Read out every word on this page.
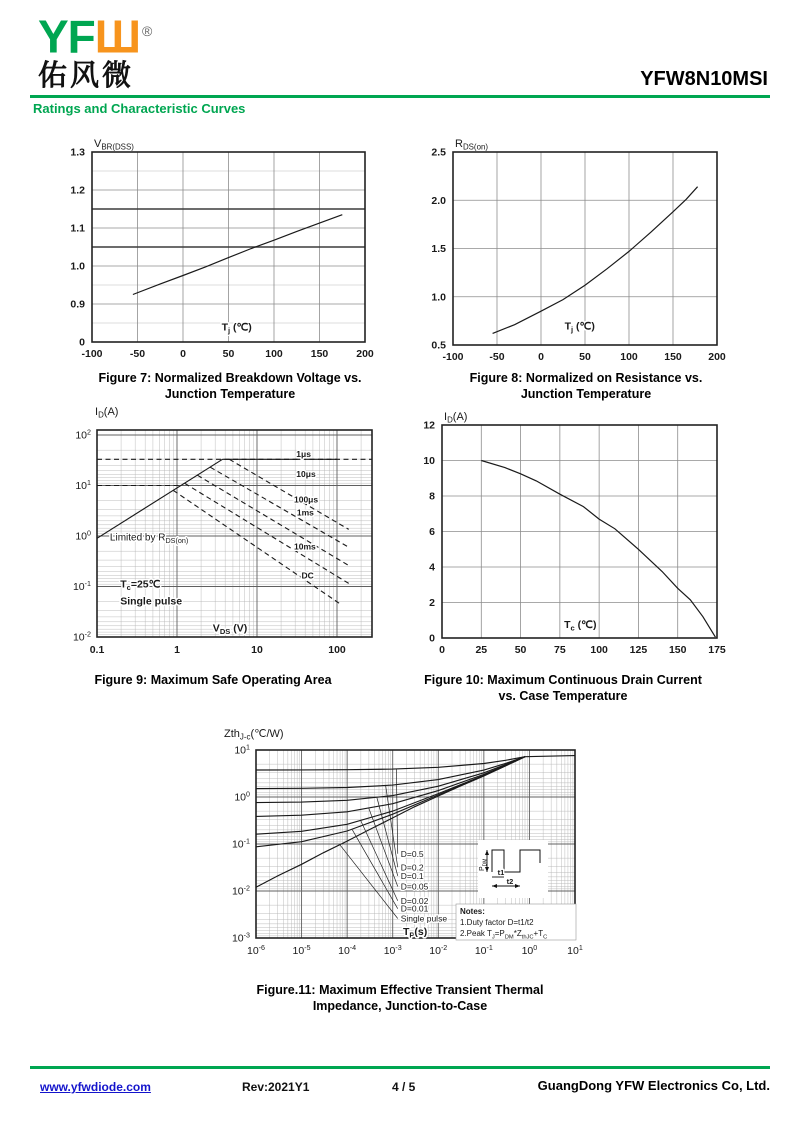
YFШ ®
佑风微	YFW8N10MSI
Ratings and Characteristic Curves
-100	-50	0	50	100	150	200
1.3
1.2
1.1
1.0
0.9
0
$V_{BR(DSS)}$
$T_j$ (℃)
Figure 7: Normalized Breakdown Voltage vs.
Junction Temperature
-100 -50	0	50	100	150	200
2.5
2.0
1.5
1.0
0.5
$R_{DS(on)}$
$T_j$ (℃)
Figure 8: Normalized on Resistance vs.
Junction Temperature
0.1	1	10	100
$10^2$
$10^1$
$10^0$
$10^{-1}$
$10^{-2}$
1μs
10μs
100μs
1ms
10ms
DC
Limited by $R_{DS(on)}$
$T_c=25℃$
Single pulse
$V_{DS}$ (V)
$I_D(A)$
Figure 9: Maximum Safe Operating Area
0	25	50	75 100 125 150 175
12
10
8
6
4
2
0
$I_D(A)$
$T_c$ (℃)
Figure 10: Maximum Continuous Drain Current
vs. Case Temperature
$10^{-6}$	$10^{-5}$	$10^{-4}$	$10^{-3}$	$10^{-2}$	$10^{-1}$	$10^0$	$10^1$
$10^1$
$10^0$
$10^{-1}$
$10^{-2}$
$10^{-3}$
D=0.5
D=0.2
D=0.1
D=0.05
D=0.02
D=0.01
Single pulse
t1
t2
$P_{DM}$
Notes:
1.Duty factor D=t1/t2
2.Peak $T_J=P_{DM}*Z_{thJC}+T_C$
$T_P(s)$
Zth$_{J-c}$(℃/W)
Figure.11: Maximum Effective Transient Thermal
Impedance, Junction-to-Case
www.yfwdiode.com	Rev:2021Y1	4 / 5	GuangDong YFW Electronics Co, Ltd.
